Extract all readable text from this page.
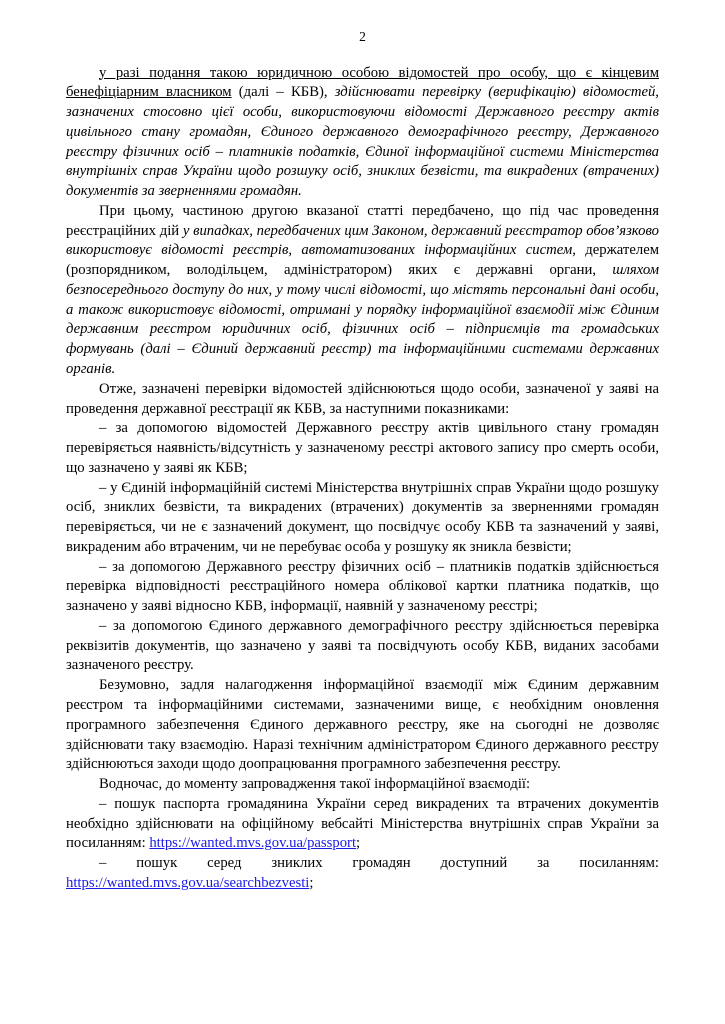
2

у разі подання такою юридичною особою відомостей про особу, що є кінцевим бенефіціарним власником (далі – КБВ), здійснювати перевірку (верифікацію) відомостей, зазначених стосовно цієї особи, використовуючи відомості Державного реєстру актів цивільного стану громадян, Єдиного державного демографічного реєстру, Державного реєстру фізичних осіб – платників податків, Єдиної інформаційної системи Міністерства внутрішніх справ України щодо розшуку осіб, зниклих безвісти, та викрадених (втрачених) документів за зверненнями громадян.

При цьому, частиною другою вказаної статті передбачено, що під час проведення реєстраційних дій у випадках, передбачених цим Законом, державний реєстратор обов’язково використовує відомості реєстрів, автоматизованих інформаційних систем, держателем (розпорядником, володільцем, адміністратором) яких є державні органи, шляхом безпосереднього доступу до них, у тому числі відомості, що містять персональні дані особи, а також використовує відомості, отримані у порядку інформаційної взаємодії між Єдиним державним реєстром юридичних осіб, фізичних осіб – підприємців та громадських формувань (далі – Єдиний державний реєстр) та інформаційними системами державних органів.

Отже, зазначені перевірки відомостей здійснюються щодо особи, зазначеної у заяві на проведення державної реєстрації як КБВ, за наступними показниками:

– за допомогою відомостей Державного реєстру актів цивільного стану громадян перевіряється наявність/відсутність у зазначеному реєстрі актового запису про смерть особи, що зазначено у заяві як КБВ;

– у Єдиній інформаційній системі Міністерства внутрішніх справ України щодо розшуку осіб, зниклих безвісти, та викрадених (втрачених) документів за зверненнями громадян перевіряється, чи не є зазначений документ, що посвідчує особу КБВ та зазначений у заяві, викраденим або втраченим, чи не перебуває особа у розшуку як зникла безвісти;

– за допомогою Державного реєстру фізичних осіб – платників податків здійснюється перевірка відповідності реєстраційного номера облікової картки платника податків, що зазначено у заяві відносно КБВ, інформації, наявній у зазначеному реєстрі;

– за допомогою Єдиного державного демографічного реєстру здійснюється перевірка реквізитів документів, що зазначено у заяві та посвідчують особу КБВ, виданих засобами зазначеного реєстру.

Безумовно, задля налагодження інформаційної взаємодії між Єдиним державним реєстром та інформаційними системами, зазначеними вище, є необхідним оновлення програмного забезпечення Єдиного державного реєстру, яке на сьогодні не дозволяє здійснювати таку взаємодію. Наразі технічним адміністратором Єдиного державного реєстру здійснюються заходи щодо доопрацювання програмного забезпечення реєстру.

Водночас, до моменту запровадження такої інформаційної взаємодії:

– пошук паспорта громадянина України серед викрадених та втрачених документів необхідно здійснювати на офіційному вебсайті Міністерства внутрішніх справ України за посиланням: https://wanted.mvs.gov.ua/passport;

– пошук серед зниклих громадян доступний за посиланням: https://wanted.mvs.gov.ua/searchbezvesti;
